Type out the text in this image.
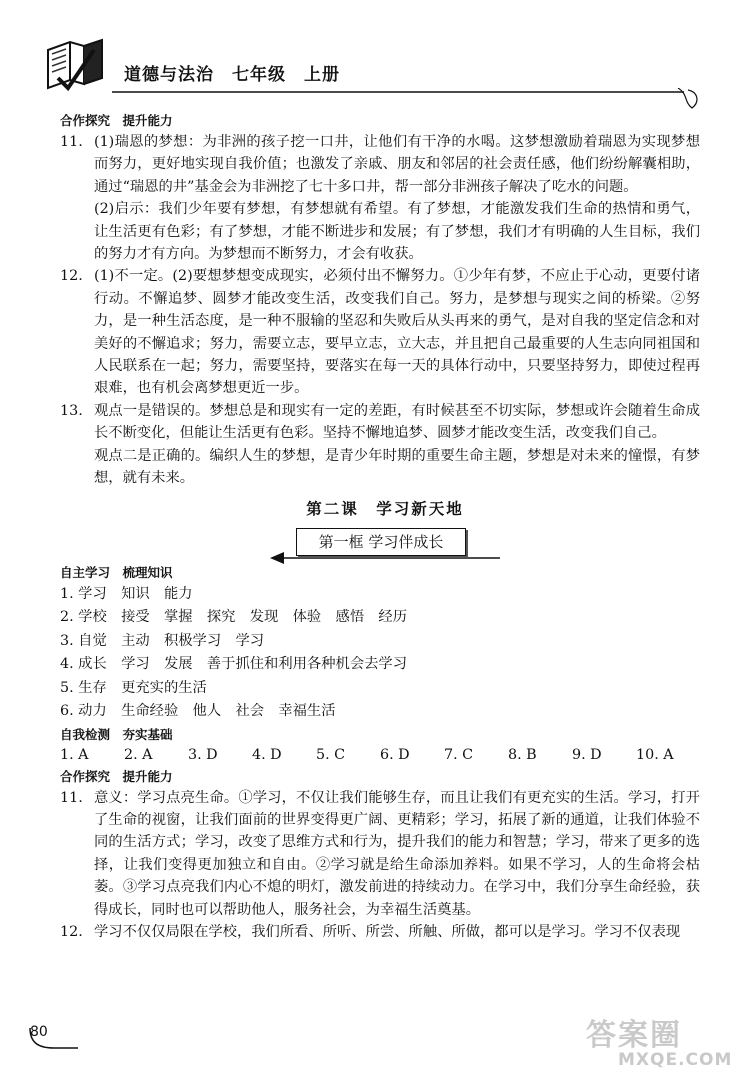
道德与法治　七年级　上册
合作探究　提升能力
11. (1)瑞恩的梦想：为非洲的孩子挖一口井，让他们有干净的水喝。这梦想激励着瑞恩为实现梦想而努力，更好地实现自我价值；也激发了亲戚、朋友和邻居的社会责任感，他们纷纷解囊相助，通过“瑞恩的井”基金会为非洲挖了七十多口井，帮一部分非洲孩子解决了吃水的问题。

(2)启示：我们少年要有梦想，有梦想就有希望。有了梦想，才能激发我们生命的热情和勇气，让生活更有色彩；有了梦想，才能不断进步和发展；有了梦想，我们才有明确的人生目标，我们的努力才有方向。为梦想而不断努力，才会有收获。

12. (1)不一定。(2)要想梦想变成现实，必须付出不懈努力。①少年有梦，不应止于心动，更要付诸行动。不懈追梦、圆梦才能改变生活，改变我们自己。努力，是梦想与现实之间的桥梁。②努力，是一种生活态度，是一种不服输的坚忍和失败后从头再来的勇气，是对自我的坚定信念和对美好的不懈追求；努力，需要立志，要早立志，立大志，并且把自己最重要的人生志向同祖国和人民联系在一起；努力，需要坚持，要落实在每一天的具体行动中，只要坚持努力，即使过程再艰难，也有机会离梦想更近一步。

13. 观点一是错误的。梦想总是和现实有一定的差距，有时候甚至不切实际，梦想或许会随着生命成长不断变化，但能让生活更有色彩。坚持不懈地追梦、圆梦才能改变生活，改变我们自己。

观点二是正确的。编织人生的梦想，是青少年时期的重要生命主题，梦想是对未来的憧憬，有梦想，就有未来。

第二课　学习新天地
第一框 学习伴成长
自主学习　梳理知识
1. 学习　知识　能力
2. 学校　接受　掌握　探究　发现　体验　感悟　经历
3. 自觉　主动　积极学习　学习
4. 成长　学习　发展　善于抓住和利用各种机会去学习
5. 生存　更充实的生活
6. 动力　生命经验　他人　社会　幸福生活
自我检测　夯实基础
1. A 2. A 3. D 4. D 5. C 6. D 7. C 8. B 9. D 10. A
合作探究　提升能力
11. 意义：学习点亮生命。①学习，不仅让我们能够生存，而且让我们有更充实的生活。学习，打开了生命的视窗，让我们面前的世界变得更广阔、更精彩；学习，拓展了新的通道，让我们体验不同的生活方式；学习，改变了思维方式和行为，提升我们的能力和智慧；学习，带来了更多的选择，让我们变得更加独立和自由。②学习就是给生命添加养料。如果不学习，人的生命将会枯萎。③学习点亮我们内心不熄的明灯，激发前进的持续动力。在学习中，我们分享生命经验，获得成长，同时也可以帮助他人，服务社会，为幸福生活奠基。

12. 学习不仅仅局限在学校，我们所看、所听、所尝、所触、所做，都可以是学习。学习不仅表现

80	答案圈
MXQE.COM
